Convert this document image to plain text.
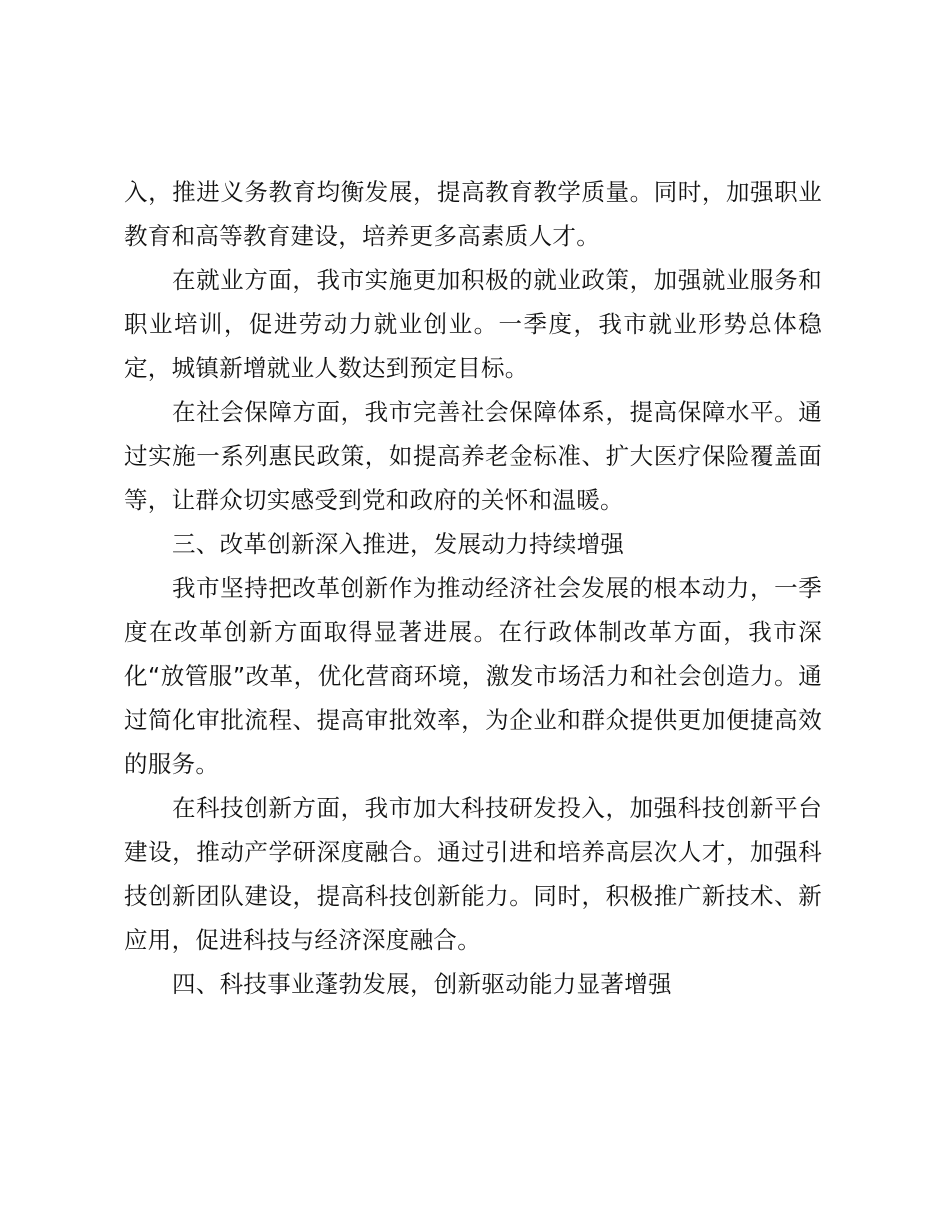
入，推进义务教育均衡发展，提高教育教学质量。同时，加强职业教育和高等教育建设，培养更多高素质人才。

在就业方面，我市实施更加积极的就业政策，加强就业服务和职业培训，促进劳动力就业创业。一季度，我市就业形势总体稳定，城镇新增就业人数达到预定目标。

在社会保障方面，我市完善社会保障体系，提高保障水平。通过实施一系列惠民政策，如提高养老金标准、扩大医疗保险覆盖面等，让群众切实感受到党和政府的关怀和温暖。

三、改革创新深入推进，发展动力持续增强

我市坚持把改革创新作为推动经济社会发展的根本动力，一季度在改革创新方面取得显著进展。在行政体制改革方面，我市深化“放管服”改革，优化营商环境，激发市场活力和社会创造力。通过简化审批流程、提高审批效率，为企业和群众提供更加便捷高效的服务。

在科技创新方面，我市加大科技研发投入，加强科技创新平台建设，推动产学研深度融合。通过引进和培养高层次人才，加强科技创新团队建设，提高科技创新能力。同时，积极推广新技术、新应用，促进科技与经济深度融合。

四、科技事业蓬勃发展，创新驱动能力显著增强
